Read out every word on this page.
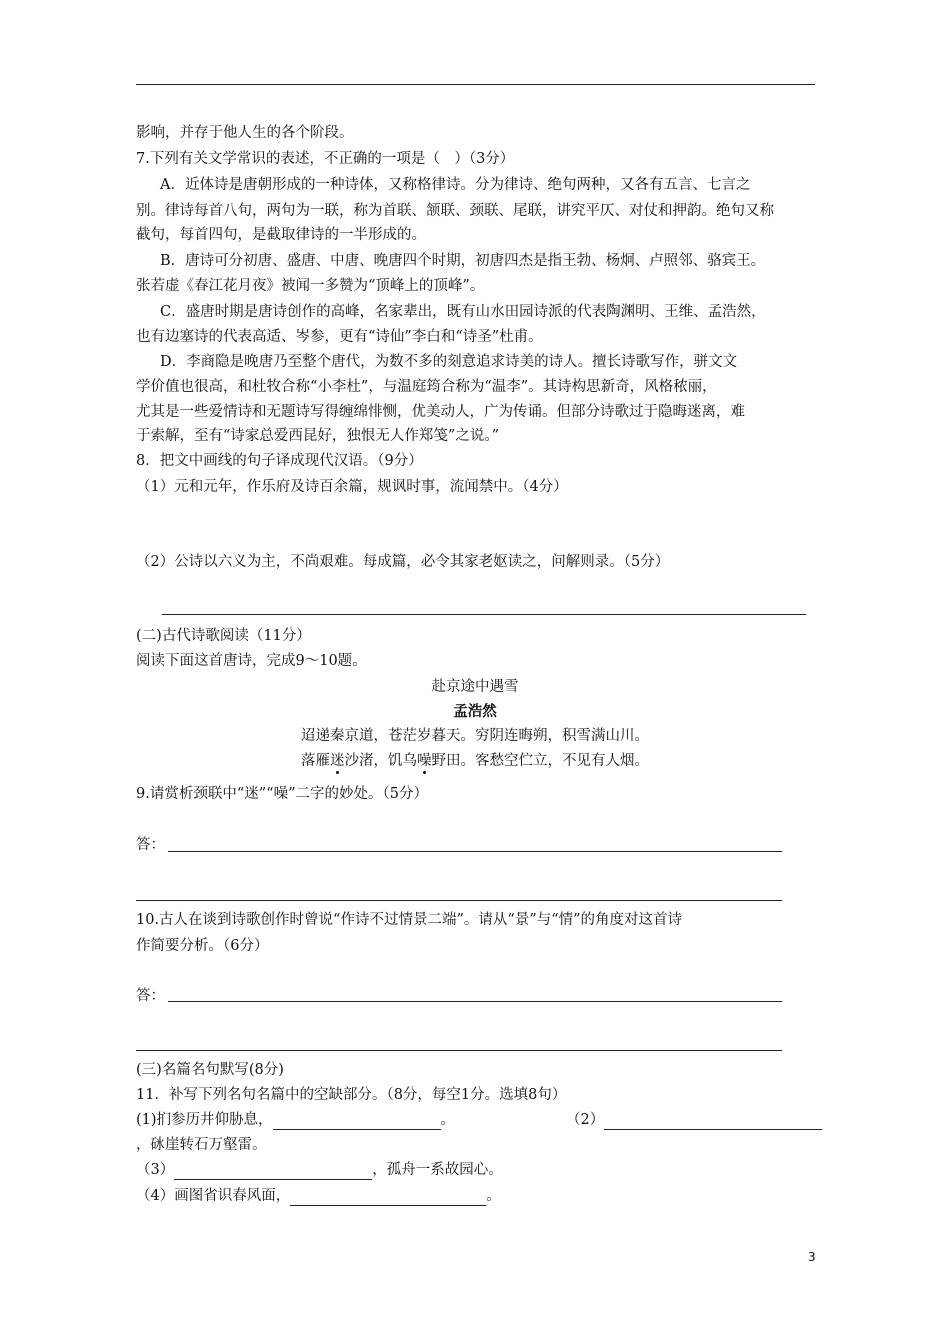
影响，并存于他人生的各个阶段。
7.下列有关文学常识的表述，不正确的一项是（　）（3分）
A．近体诗是唐朝形成的一种诗体，又称格律诗。分为律诗、绝句两种，又各有五言、七言之
别。律诗每首八句，两句为一联，称为首联、颔联、颈联、尾联，讲究平仄、对仗和押韵。绝句又称
截句，每首四句，是截取律诗的一半形成的。
B．唐诗可分初唐、盛唐、中唐、晚唐四个时期，初唐四杰是指王勃、杨炯、卢照邻、骆宾王。
张若虚《春江花月夜》被闻一多赞为“顶峰上的顶峰”。
C．盛唐时期是唐诗创作的高峰，名家辈出，既有山水田园诗派的代表陶渊明、王维、孟浩然，
也有边塞诗的代表高适、岑参，更有“诗仙”李白和“诗圣”杜甫。
D．李商隐是晚唐乃至整个唐代，为数不多的刻意追求诗美的诗人。擅长诗歌写作，骈文文
学价值也很高，和杜牧合称“小李杜”，与温庭筠合称为“温李”。其诗构思新奇，风格秾丽，
尤其是一些爱情诗和无题诗写得缠绵悱恻，优美动人，广为传诵。但部分诗歌过于隐晦迷离，难
于索解，至有“诗家总爱西昆好，独恨无人作郑笺”之说。”
8．把文中画线的句子译成现代汉语。（9分）
（1）元和元年，作乐府及诗百余篇，规讽时事，流闻禁中。（4分）
（2）公诗以六义为主，不尚艰难。每成篇，必令其家老妪读之，问解则录。（5分）
(二)古代诗歌阅读（11分）
阅读下面这首唐诗，完成9～10题。
赴京途中遇雪
孟浩然
迢递秦京道，苍茫岁暮天。穷阴连晦朔，积雪满山川。
落雁迷沙渚，饥乌噪野田。客愁空伫立，不见有人烟。
9.请赏析颈联中“迷”“噪”二字的妙处。（5分）
答：
10.古人在谈到诗歌创作时曾说“作诗不过情景二端”。请从“景”与“情”的角度对这首诗
作简要分析。（6分）
答：
(三)名篇名句默写(8分)
11．补写下列名句名篇中的空缺部分。（8分，每空1分。选填8句）
(1)扪参历井仰胁息，	。	（2）
，砯崖转石万壑雷。
（3）	，孤舟一系故园心。
（4）画图省识春风面，	。
3
